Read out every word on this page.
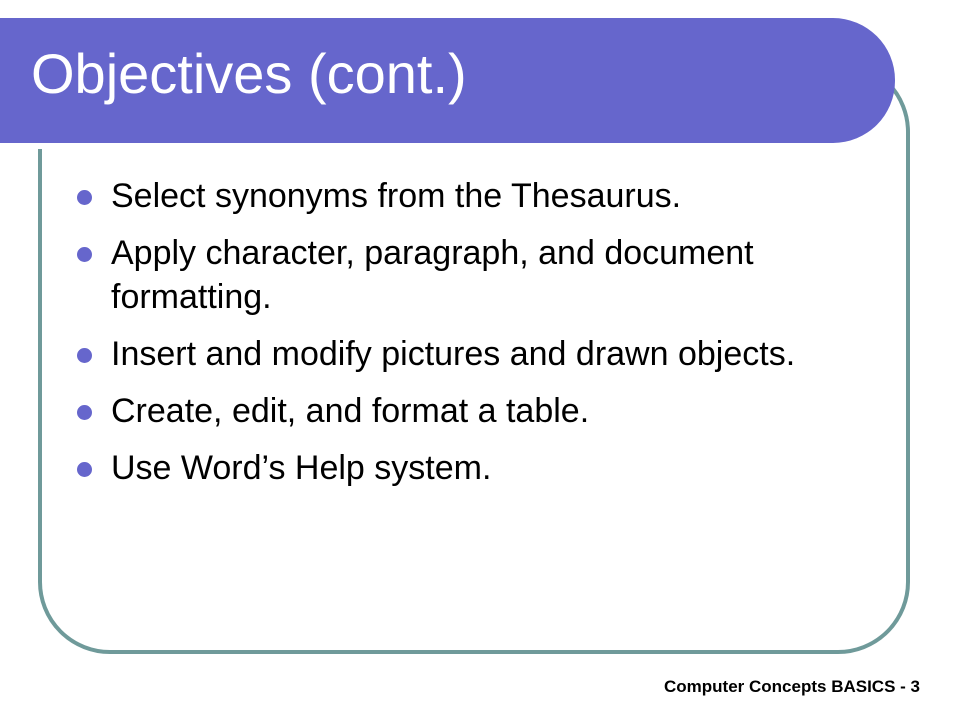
Objectives (cont.)
Select synonyms from the Thesaurus.
Apply character, paragraph, and document formatting.
Insert and modify pictures and drawn objects.
Create, edit, and format a table.
Use Word’s Help system.
Computer Concepts BASICS - 3
